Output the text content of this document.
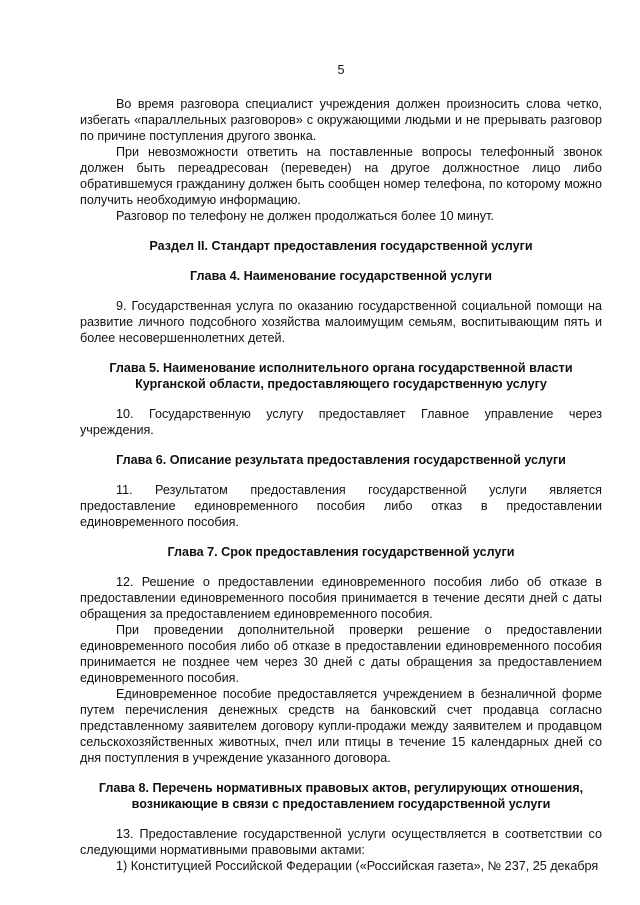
5

Во время разговора специалист учреждения должен произносить слова четко, избегать «параллельных разговоров» с окружающими людьми и не прерывать разговор по причине поступления другого звонка.

При невозможности ответить на поставленные вопросы телефонный звонок должен быть переадресован (переведен) на другое должностное лицо либо обратившемуся гражданину должен быть сообщен номер телефона, по которому можно получить необходимую информацию.

Разговор по телефону не должен продолжаться более 10 минут.

Раздел II. Стандарт предоставления государственной услуги
Глава 4. Наименование государственной услуги

9. Государственная услуга по оказанию государственной социальной помощи на развитие личного подсобного хозяйства малоимущим семьям, воспитывающим пять и более несовершеннолетних детей.

Глава 5. Наименование исполнительного органа государственной власти
Курганской области, предоставляющего государственную услугу

10. Государственную услугу предоставляет Главное управление через учреждения.

Глава 6. Описание результата предоставления государственной услуги

11. Результатом предоставления государственной услуги является предоставление единовременного пособия либо отказ в предоставлении единовременного пособия.

Глава 7. Срок предоставления государственной услуги

12. Решение о предоставлении единовременного пособия либо об отказе в предоставлении единовременного пособия принимается в течение десяти дней с даты обращения за предоставлением единовременного пособия.

При проведении дополнительной проверки решение о предоставлении единовременного пособия либо об отказе в предоставлении единовременного пособия принимается не позднее чем через 30 дней с даты обращения за предоставлением единовременного пособия.

Единовременное пособие предоставляется учреждением в безналичной форме путем перечисления денежных средств на банковский счет продавца согласно представленному заявителем договору купли-продажи между заявителем и продавцом сельскохозяйственных животных, пчел или птицы в течение 15 календарных дней со дня поступления в учреждение указанного договора.

Глава 8. Перечень нормативных правовых актов, регулирующих отношения,
возникающие в связи с предоставлением государственной услуги

13. Предоставление государственной услуги осуществляется в соответствии со следующими нормативными правовыми актами:

1) Конституцией Российской Федерации («Российская газета», № 237, 25 декабря
